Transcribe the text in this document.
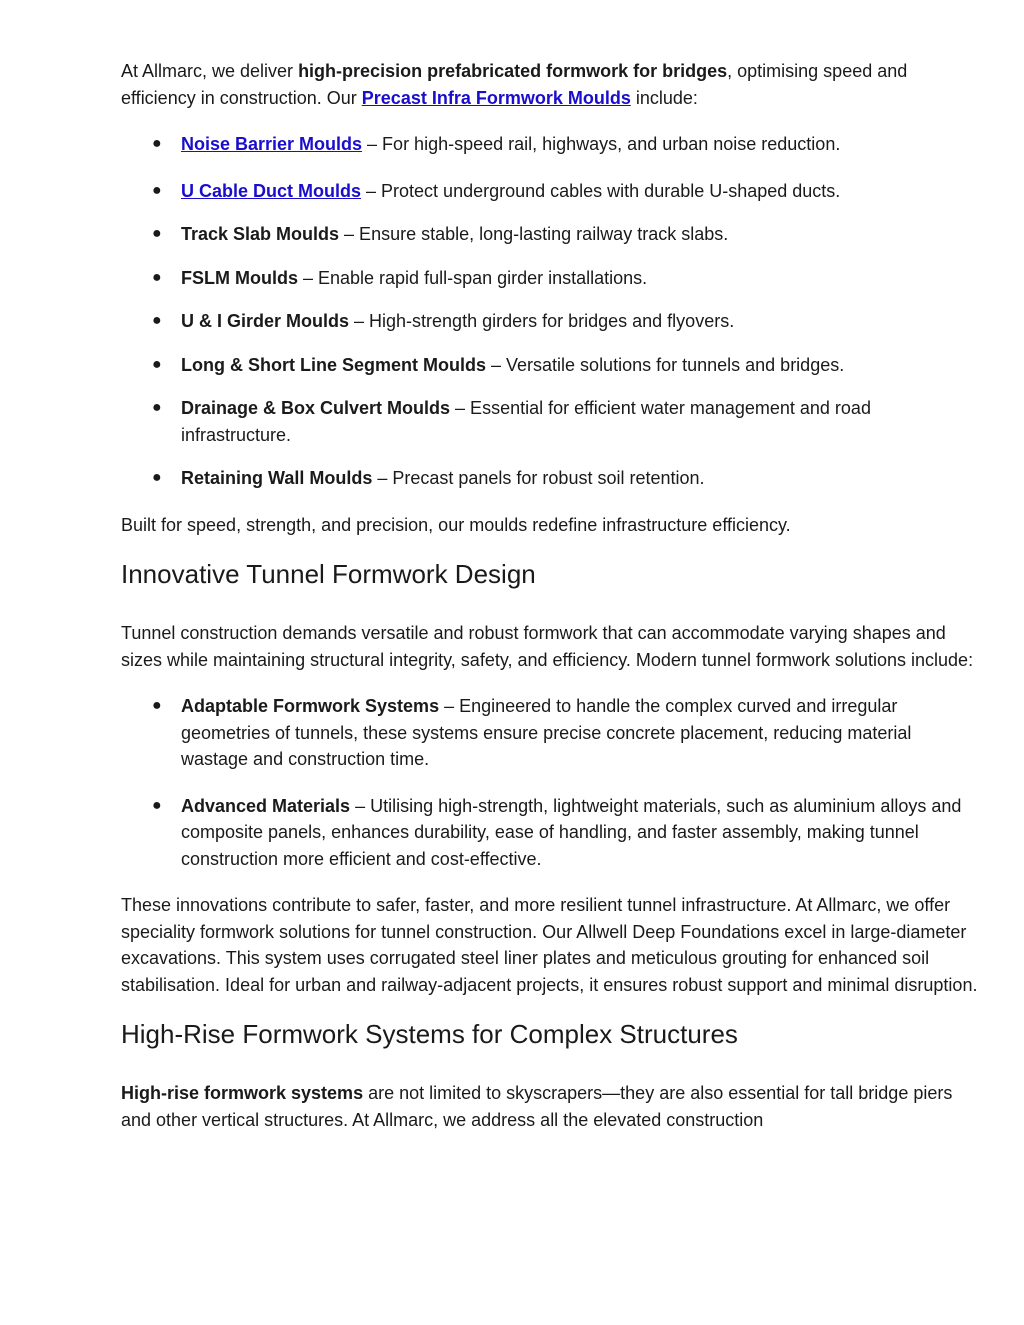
At Allmarc, we deliver high-precision prefabricated formwork for bridges, optimising speed and efficiency in construction. Our Precast Infra Formwork Moulds include:

● Noise Barrier Moulds – For high-speed rail, highways, and urban noise reduction.
● U Cable Duct Moulds – Protect underground cables with durable U-shaped ducts.
● Track Slab Moulds – Ensure stable, long-lasting railway track slabs.
● FSLM Moulds – Enable rapid full-span girder installations.
● U & I Girder Moulds – High-strength girders for bridges and flyovers.
● Long & Short Line Segment Moulds – Versatile solutions for tunnels and bridges.
● Drainage & Box Culvert Moulds – Essential for efficient water management and road infrastructure.
● Retaining Wall Moulds – Precast panels for robust soil retention.

Built for speed, strength, and precision, our moulds redefine infrastructure efficiency.

Innovative Tunnel Formwork Design

Tunnel construction demands versatile and robust formwork that can accommodate varying shapes and sizes while maintaining structural integrity, safety, and efficiency. Modern tunnel formwork solutions include:

● Adaptable Formwork Systems – Engineered to handle the complex curved and irregular geometries of tunnels, these systems ensure precise concrete placement, reducing material wastage and construction time.
● Advanced Materials – Utilising high-strength, lightweight materials, such as aluminium alloys and composite panels, enhances durability, ease of handling, and faster assembly, making tunnel construction more efficient and cost-effective.

These innovations contribute to safer, faster, and more resilient tunnel infrastructure. At Allmarc, we offer speciality formwork solutions for tunnel construction. Our Allwell Deep Foundations excel in large-diameter excavations. This system uses corrugated steel liner plates and meticulous grouting for enhanced soil stabilisation. Ideal for urban and railway-adjacent projects, it ensures robust support and minimal disruption.

High-Rise Formwork Systems for Complex Structures

High-rise formwork systems are not limited to skyscrapers—they are also essential for tall bridge piers and other vertical structures. At Allmarc, we address all the elevated construction
